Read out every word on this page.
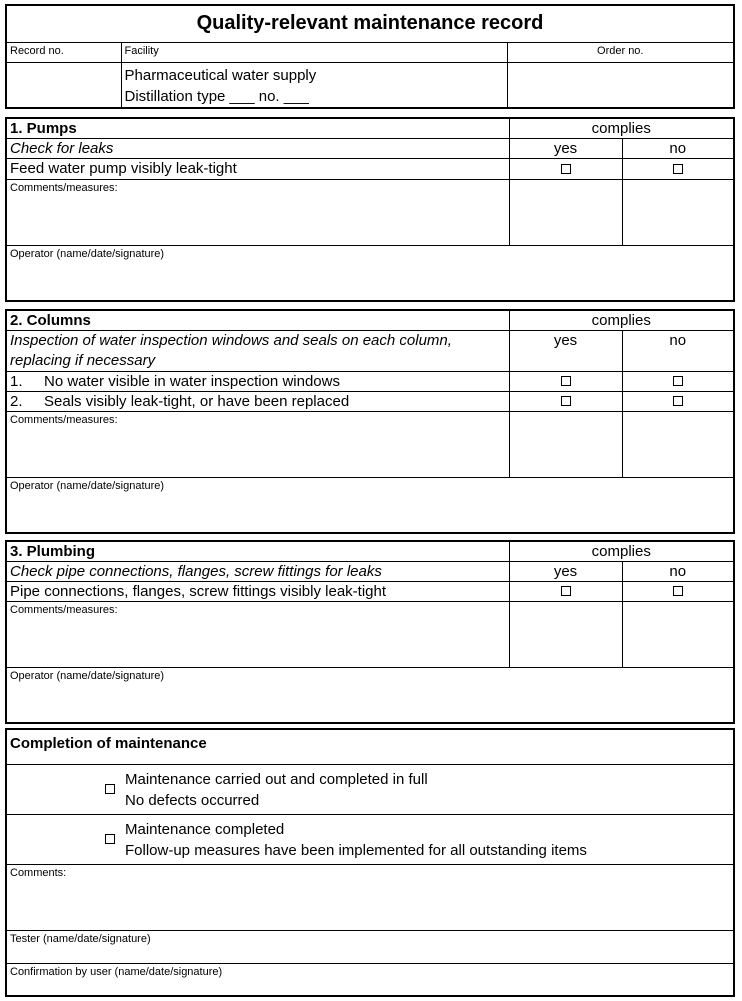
Quality-relevant maintenance record		
Record no.	Facility	Order no.

	Pharmaceutical water supply
Distillation type ___ no. ___	

1. Pumps	complies	
Check for leaks	yes	no
Feed water pump visibly leak-tight		
Comments/measures:		
Operator (name/date/signature)		
2. Columns	complies	

Inspection of water inspection windows and seals on each column,
replacing if necessary	yes	no
1. No water visible in water inspection windows		
2. Seals visibly leak-tight, or have been replaced		
Comments/measures:		
Operator (name/date/signature)		
3. Plumbing	complies	
Check pipe connections, flanges, screw fittings for leaks	yes	no
Pipe connections, flanges, screw fittings visibly leak-tight		
Comments/measures:		
Operator (name/date/signature)		
Completion of maintenance

Maintenance carried out and completed in full
No defects occurred

Maintenance completed
Follow-up measures have been implemented for all outstanding items

Comments:
Tester (name/date/signature)
Confirmation by user (name/date/signature)
